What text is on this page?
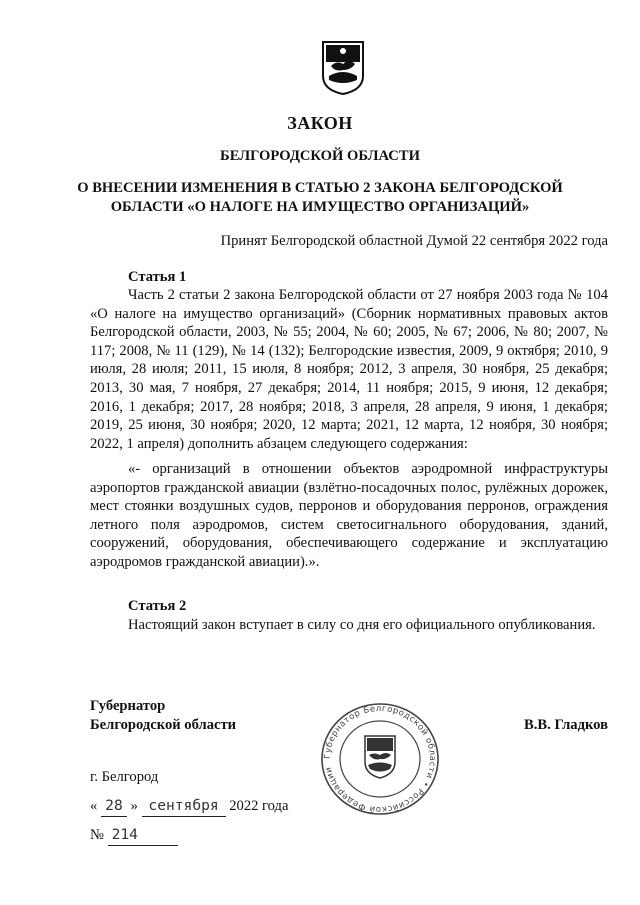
ЗАКОН
БЕЛГОРОДСКОЙ ОБЛАСТИ
О ВНЕСЕНИИ ИЗМЕНЕНИЯ В СТАТЬЮ 2 ЗАКОНА БЕЛГОРОДСКОЙ
ОБЛАСТИ «О НАЛОГЕ НА ИМУЩЕСТВО ОРГАНИЗАЦИЙ»
Принят Белгородской областной Думой 22 сентября 2022 года
Статья 1
Часть 2 статьи 2 закона Белгородской области от 27 ноября 2003 года № 104 «О налоге на имущество организаций» (Сборник нормативных правовых актов Белгородской области, 2003, № 55; 2004, № 60; 2005, № 67; 2006, № 80; 2007, № 117; 2008, № 11 (129), № 14 (132); Белгородские известия, 2009, 9 октября; 2010, 9 июля, 28 июля; 2011, 15 июля, 8 ноября; 2012, 3 апреля, 30 ноября, 25 декабря; 2013, 30 мая, 7 ноября, 27 декабря; 2014, 11 ноября; 2015, 9 июня, 12 декабря; 2016, 1 декабря; 2017, 28 ноября; 2018, 3 апреля, 28 апреля, 9 июня, 1 декабря; 2019, 25 июня, 30 ноября; 2020, 12 марта; 2021, 12 марта, 12 ноября, 30 ноября; 2022, 1 апреля) дополнить абзацем следующего содержания:
«- организаций в отношении объектов аэродромной инфраструктуры аэропортов гражданской авиации (взлётно-посадочных полос, рулёжных дорожек, мест стоянки воздушных судов, перронов и оборудования перронов, ограждения летного поля аэродромов, систем светосигнального оборудования, зданий, сооружений, оборудования, обеспечивающего содержание и эксплуатацию аэродромов гражданской авиации).».
Статья 2
Настоящий закон вступает в силу со дня его официального опубликования.
Губернатор
Белгородской области	В.В. Гладков
Губернатор Белгородской области • Российской Федерации
г. Белгород
« 28 » сентября 2022 года
№ 214
